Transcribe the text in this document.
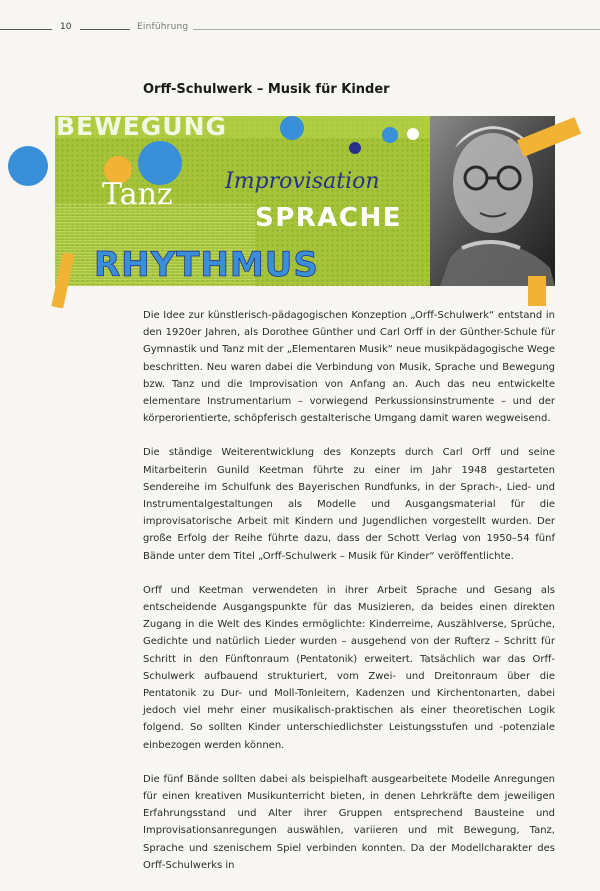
10	Einführung
Orff-Schulwerk – Musik für Kinder
BEWEGUNG
Tanz Improvisation
SPRACHE
RHYTHMUS

Die Idee zur künstlerisch-pädagogischen Konzeption „Orff-Schulwerk“ entstand in den 1920er Jahren, als Dorothee Günther und Carl Orff in der Günther-Schule für Gymnastik und Tanz mit der „Elementaren Musik“ neue musikpädagogische Wege beschritten. Neu waren dabei die Verbindung von Musik, Sprache und Bewegung bzw. Tanz und die Improvisation von Anfang an. Auch das neu entwickelte elementare Instrumentarium – vorwiegend Perkussionsinstrumente – und der körperorientierte, schöpferisch gestalterische Umgang damit waren wegweisend.

Die ständige Weiterentwicklung des Konzepts durch Carl Orff und seine Mitarbeiterin Gunild Keetman führte zu einer im Jahr 1948 gestarteten Sendereihe im Schulfunk des Bayerischen Rundfunks, in der Sprach-, Lied- und Instrumentalgestaltungen als Modelle und Ausgangsmaterial für die improvisatorische Arbeit mit Kindern und Jugendlichen vorgestellt wurden. Der große Erfolg der Reihe führte dazu, dass der Schott Verlag von 1950–54 fünf Bände unter dem Titel „Orff-Schulwerk – Musik für Kinder“ veröffentlichte.

Orff und Keetman verwendeten in ihrer Arbeit Sprache und Gesang als entscheidende Ausgangspunkte für das Musizieren, da beides einen direkten Zugang in die Welt des Kindes ermöglichte: Kinderreime, Auszählverse, Sprüche, Gedichte und natürlich Lieder wurden – ausgehend von der Rufterz – Schritt für Schritt in den Fünftonraum (Pentatonik) erweitert. Tatsächlich war das Orff-Schulwerk aufbauend strukturiert, vom Zwei- und Dreitonraum über die Pentatonik zu Dur- und Moll-Tonleitern, Kadenzen und Kirchentonarten, dabei jedoch viel mehr einer musikalisch-praktischen als einer theoretischen Logik folgend. So sollten Kinder unterschiedlichster Leistungsstufen und -potenziale einbezogen werden können.

Die fünf Bände sollten dabei als beispielhaft ausgearbeitete Modelle Anregungen für einen kreativen Musikunterricht bieten, in denen Lehrkräfte dem jeweiligen Erfahrungsstand und Alter ihrer Gruppen entsprechend Bausteine und Improvisationsanregungen auswählen, variieren und mit Bewegung, Tanz, Sprache und szenischem Spiel verbinden konnten. Da der Modellcharakter des Orff-Schulwerks in
